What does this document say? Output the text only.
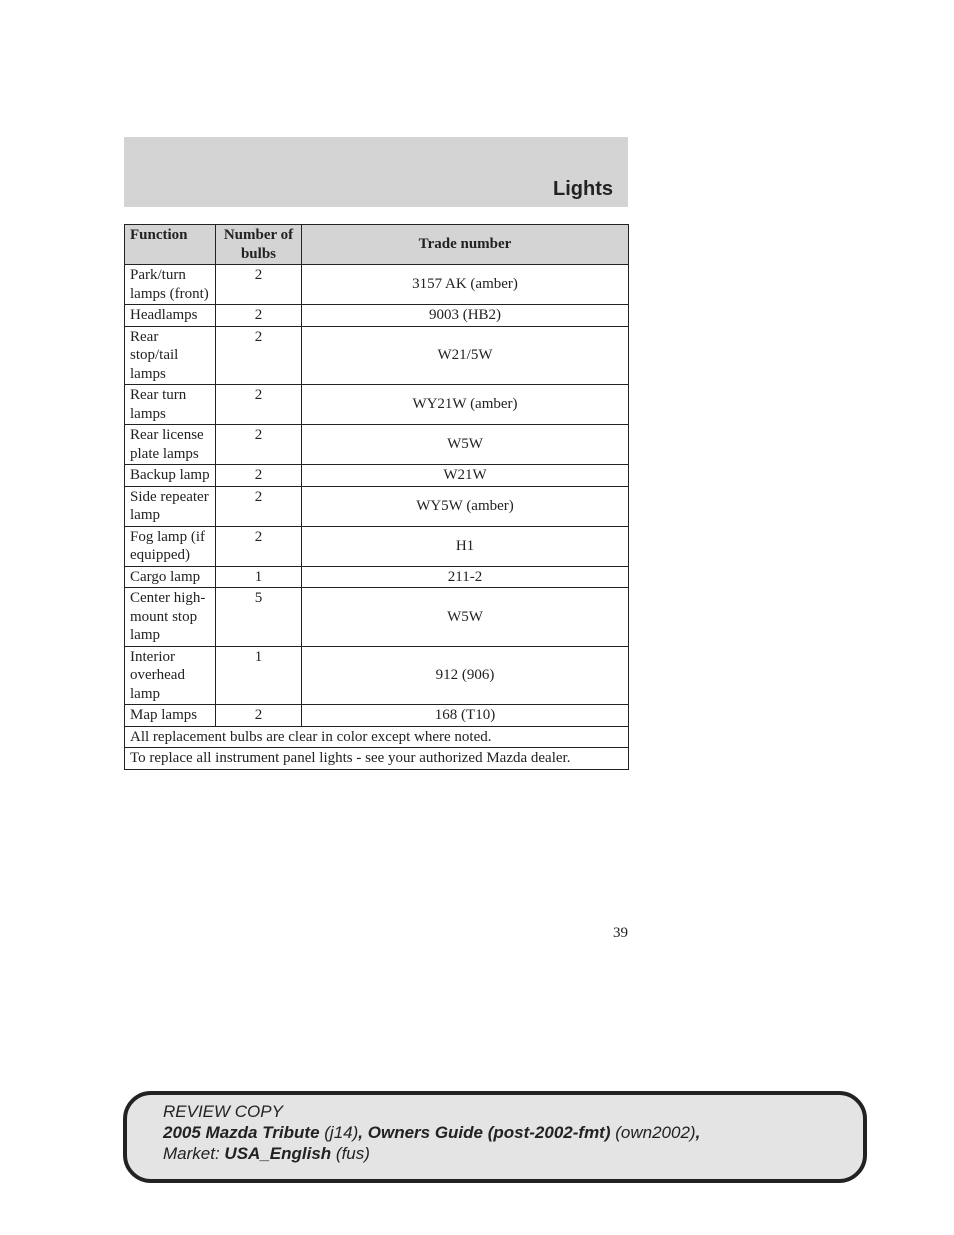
Lights
Function	Number of bulbs	Trade number
Park/turn lamps (front)	2	3157 AK (amber)
Headlamps	2	9003 (HB2)
Rear stop/tail lamps	2	W21/5W
Rear turn lamps	2	WY21W (amber)
Rear license plate lamps	2	W5W
Backup lamp	2	W21W
Side repeater lamp	2	WY5W (amber)
Fog lamp (if equipped)	2	H1
Cargo lamp	1	211-2
Center high-mount stop lamp	5	W5W
Interior overhead lamp	1	912 (906)
Map lamps	2	168 (T10)
All replacement bulbs are clear in color except where noted.		
To replace all instrument panel lights - see your authorized Mazda dealer.		
39
REVIEW COPY
2005 Mazda Tribute (j14), Owners Guide (post-2002-fmt) (own2002),
Market: USA_English (fus)
